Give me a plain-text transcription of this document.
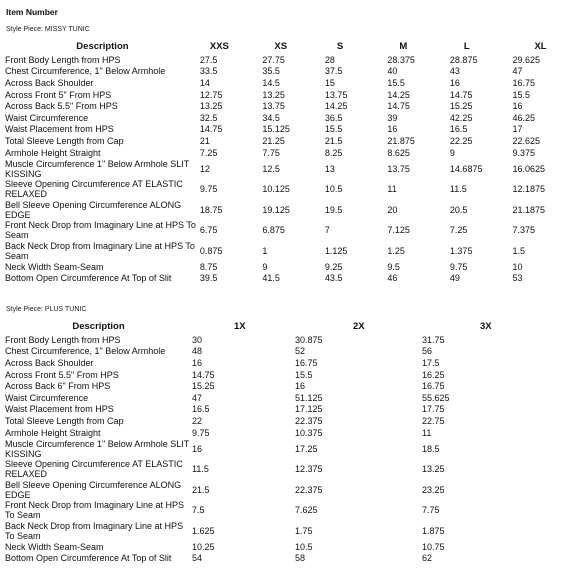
Item Number
Style Piece: MISSY TUNIC
Description	XXS	XS	S	M	L	XL
Front Body Length from HPS	27.5	27.75	28	28.375	28.875	29.625
Chest Circumference, 1" Below Armhole	33.5	35.5	37.5	40	43	47
Across Back Shoulder	14	14.5	15	15.5	16	16.75
Across Front 5" From HPS	12.75	13.25	13.75	14.25	14.75	15.5
Across Back 5.5" From HPS	13.25	13.75	14.25	14.75	15.25	16
Waist Circumference	32.5	34.5	36.5	39	42.25	46.25
Waist Placement from HPS	14.75	15.125	15.5	16	16.5	17
Total Sleeve Length from Cap	21	21.25	21.5	21.875	22.25	22.625
Armhole Height Straight	7.25	7.75	8.25	8.625	9	9.375
Muscle Circumference 1" Below Armhole SLIT KISSING	12	12.5	13	13.75	14.6875	16.0625
Sleeve Opening Circumference AT ELASTIC RELAXED	9.75	10.125	10.5	11	11.5	12.1875
Bell Sleeve Opening Circumference ALONG EDGE	18.75	19.125	19.5	20	20.5	21.1875
Front Neck Drop from Imaginary Line at HPS To Seam	6.75	6.875	7	7.125	7.25	7.375
Back Neck Drop from Imaginary Line at HPS To Seam	0.875	1	1.125	1.25	1.375	1.5
Neck Width Seam-Seam	8.75	9	9.25	9.5	9.75	10
Bottom Open Circumference At Top of Slit	39.5	41.5	43.5	46	49	53
Style Piece: PLUS TUNIC
Description	1X	2X	3X
Front Body Length from HPS	30	30.875	31.75
Chest Circumference, 1" Below Armhole	48	52	56
Across Back Shoulder	16	16.75	17.5
Across Front 5.5" From HPS	14.75	15.5	16.25
Across Back 6" From HPS	15.25	16	16.75
Waist Circumference	47	51.125	55.625
Waist Placement from HPS	16.5	17.125	17.75
Total Sleeve Length from Cap	22	22.375	22.75
Armhole Height Straight	9.75	10.375	11
Muscle Circumference 1" Below Armhole SLIT KISSING	16	17.25	18.5
Sleeve Opening Circumference AT ELASTIC RELAXED	11.5	12.375	13.25
Bell Sleeve Opening Circumference ALONG EDGE	21.5	22.375	23.25
Front Neck Drop from Imaginary Line at HPS To Seam	7.5	7.625	7.75
Back Neck Drop from Imaginary Line at HPS To Seam	1.625	1.75	1.875
Neck Width Seam-Seam	10.25	10.5	10.75
Bottom Open Circumference At Top of Slit	54	58	62
